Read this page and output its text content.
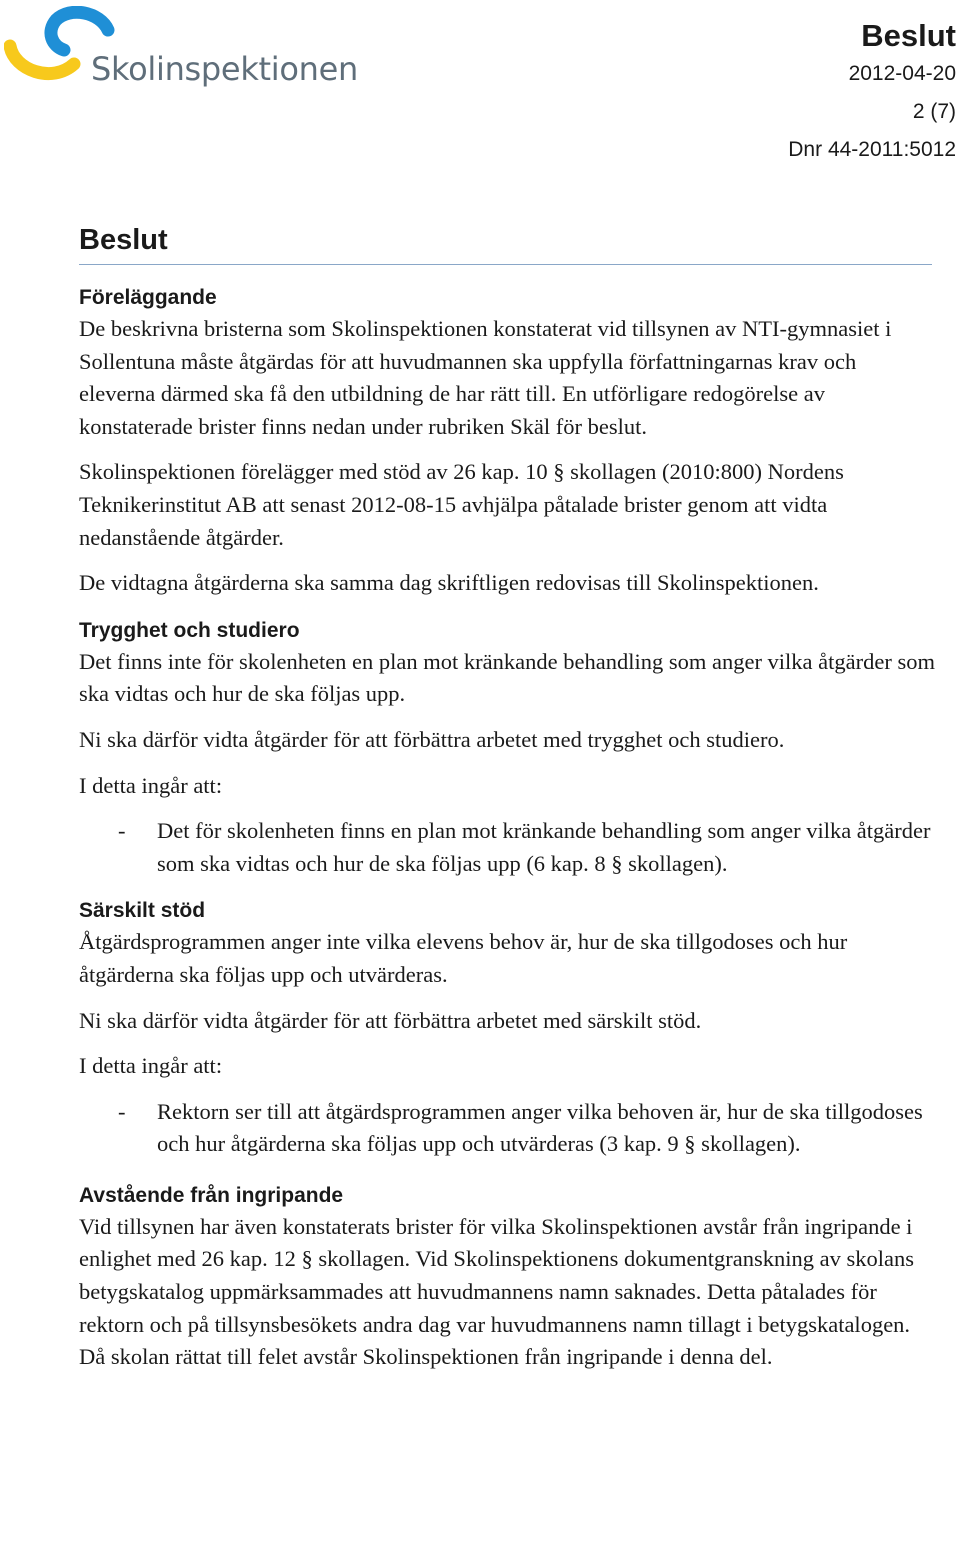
Skolinspektionen
Beslut
2012-04-20
2 (7)
Dnr 44-2011:5012
Beslut
Föreläggande

De beskrivna bristerna som Skolinspektionen konstaterat vid tillsynen av NTI-gymnasiet i Sollentuna måste åtgärdas för att huvudmannen ska uppfylla författningarnas krav och eleverna därmed ska få den utbildning de har rätt till. En utförligare redogörelse av konstaterade brister finns nedan under rubriken Skäl för beslut.

Skolinspektionen förelägger med stöd av 26 kap. 10 § skollagen (2010:800) Nordens Teknikerinstitut AB att senast 2012-08-15 avhjälpa påtalade brister genom att vidta nedanstående åtgärder.

De vidtagna åtgärderna ska samma dag skriftligen redovisas till Skolinspektionen.

Trygghet och studiero

Det finns inte för skolenheten en plan mot kränkande behandling som anger vilka åtgärder som ska vidtas och hur de ska följas upp.

Ni ska därför vidta åtgärder för att förbättra arbetet med trygghet och studiero.

I detta ingår att:

-	Det för skolenheten finns en plan mot kränkande behandling som anger vilka åtgärder som ska vidtas och hur de ska följas upp (6 kap. 8 § skollagen).
Särskilt stöd

Åtgärdsprogrammen anger inte vilka elevens behov är, hur de ska tillgodoses och hur åtgärderna ska följas upp och utvärderas.

Ni ska därför vidta åtgärder för att förbättra arbetet med särskilt stöd.

I detta ingår att:

-	Rektorn ser till att åtgärdsprogrammen anger vilka behoven är, hur de ska tillgodoses och hur åtgärderna ska följas upp och utvärderas (3 kap. 9 § skollagen).
Avstående från ingripande

Vid tillsynen har även konstaterats brister för vilka Skolinspektionen avstår från ingripande i enlighet med 26 kap. 12 § skollagen. Vid Skolinspektionens dokumentgranskning av skolans betygskatalog uppmärksammades att huvudmannens namn saknades. Detta påtalades för rektorn och på tillsynsbesökets andra dag var huvudmannens namn tillagt i betygskatalogen. Då skolan rättat till felet avstår Skolinspektionen från ingripande i denna del.
